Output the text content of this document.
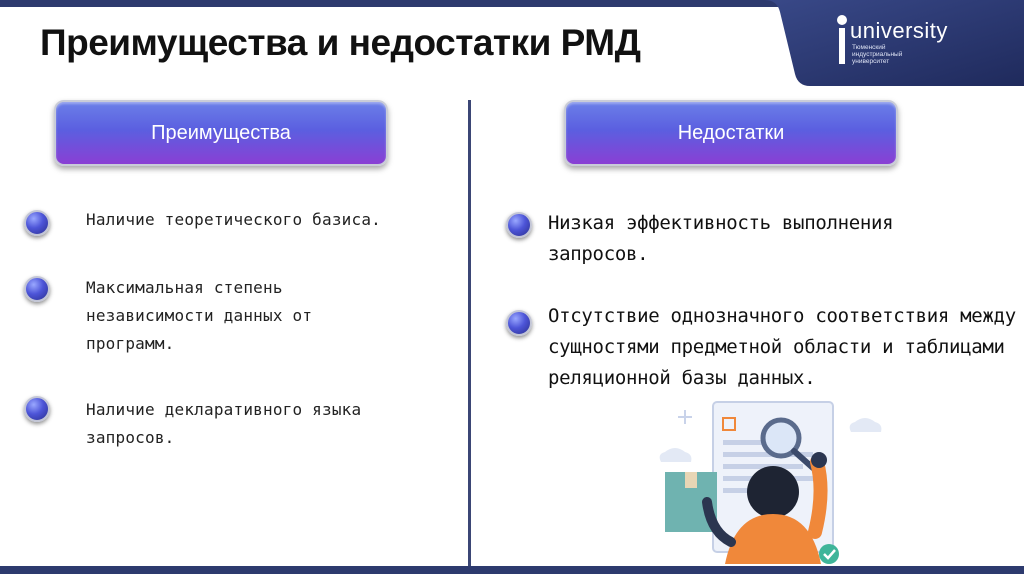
university
Тюменский индустриальный университет
Преимущества и недостатки РМД
Преимущества	Недостатки
Наличие теоретического базиса.
Максимальная степень независимости данных от программ.
Наличие декларативного языка запросов.
Низкая эффективность выполнения запросов.
Отсутствие однозначного соответствия между сущностями предметной области и таблицами реляционной базы данных.
